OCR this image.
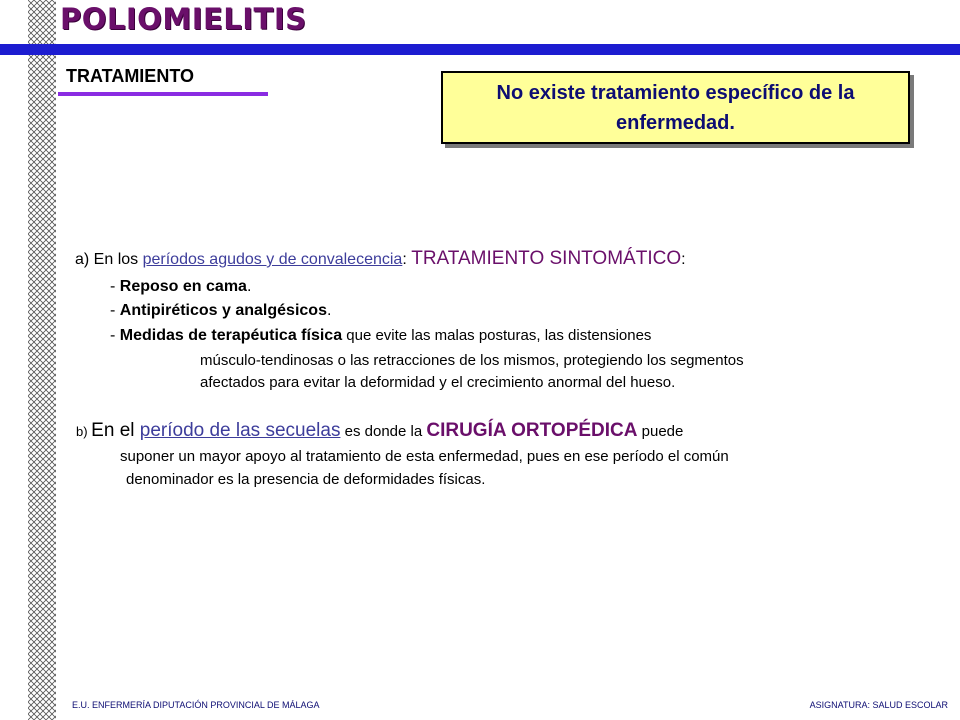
POLIOMIELITIS
TRATAMIENTO
No existe tratamiento específico de la enfermedad.
a) En los períodos agudos y de convalecencia: TRATAMIENTO SINTOMÁTICO:
- Reposo en cama.
- Antipiréticos y analgésicos.
- Medidas de terapéutica física que evite las malas posturas, las distensiones
músculo-tendinosas o las retracciones de los mismos, protegiendo los segmentos
afectados para evitar la deformidad y el crecimiento anormal del hueso.
b) En el período de las secuelas es donde la CIRUGÍA ORTOPÉDICA puede
suponer un mayor apoyo al tratamiento de esta enfermedad, pues en ese período el común
denominador es la presencia de deformidades físicas.
E.U. ENFERMERÍA DIPUTACIÓN PROVINCIAL DE MÁLAGA	ASIGNATURA: SALUD ESCOLAR
